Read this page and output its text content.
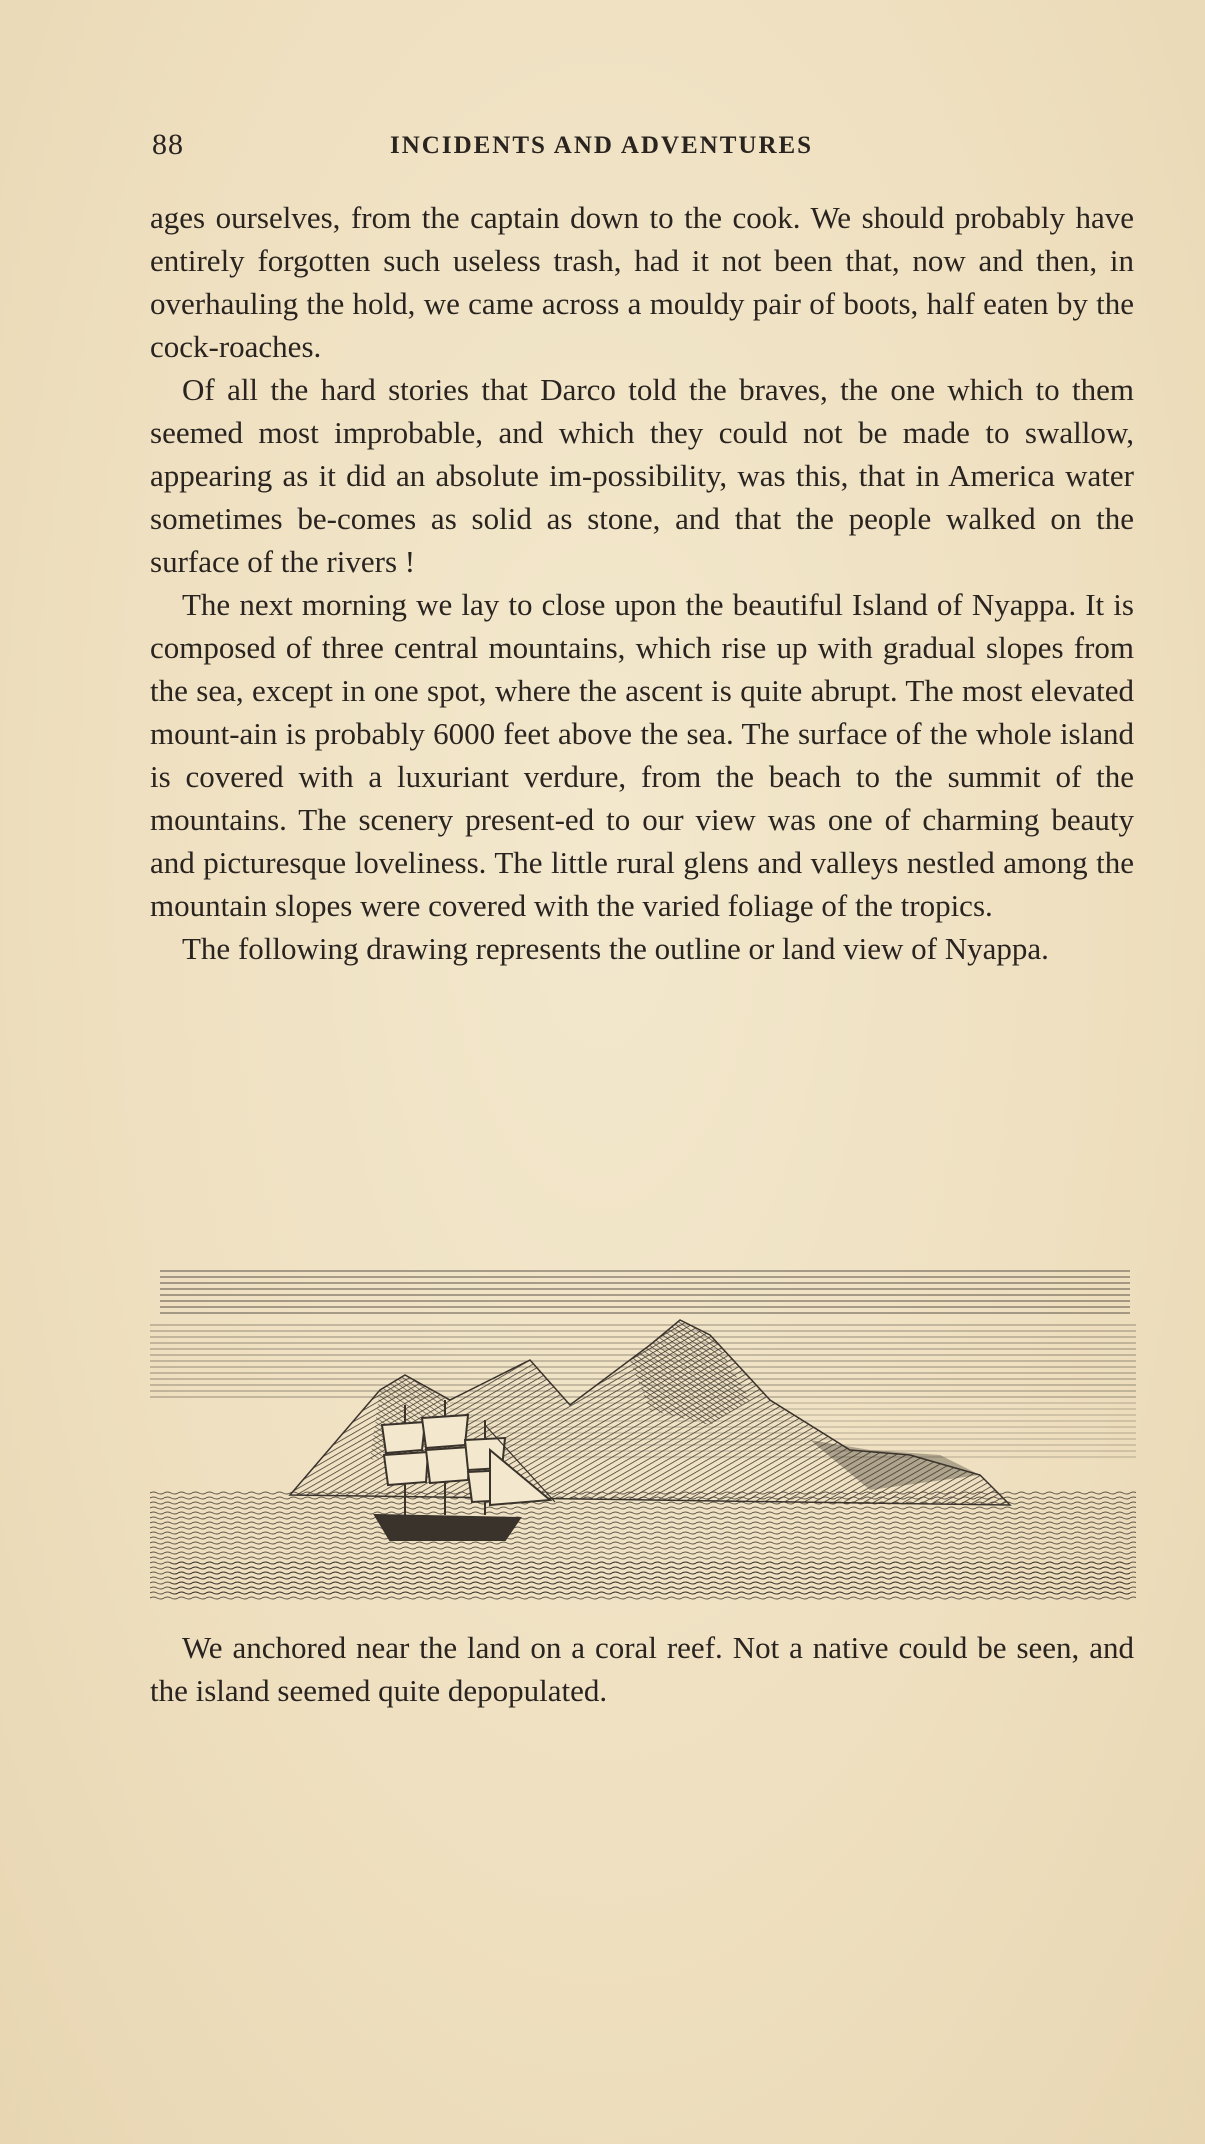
88	INCIDENTS AND ADVENTURES

ages ourselves, from the captain down to the cook. We should probably have entirely forgotten such useless trash, had it not been that, now and then, in overhauling the hold, we came across a mouldy pair of boots, half eaten by the cock-roaches.

Of all the hard stories that Darco told the braves, the one which to them seemed most improbable, and which they could not be made to swallow, appearing as it did an absolute im-possibility, was this, that in America water sometimes be-comes as solid as stone, and that the people walked on the surface of the rivers !

The next morning we lay to close upon the beautiful Island of Nyappa. It is composed of three central mountains, which rise up with gradual slopes from the sea, except in one spot, where the ascent is quite abrupt. The most elevated mount-ain is probably 6000 feet above the sea. The surface of the whole island is covered with a luxuriant verdure, from the beach to the summit of the mountains. The scenery present-ed to our view was one of charming beauty and picturesque loveliness. The little rural glens and valleys nestled among the mountain slopes were covered with the varied foliage of the tropics.

The following drawing represents the outline or land view of Nyappa.

We anchored near the land on a coral reef. Not a native could be seen, and the island seemed quite depopulated.
